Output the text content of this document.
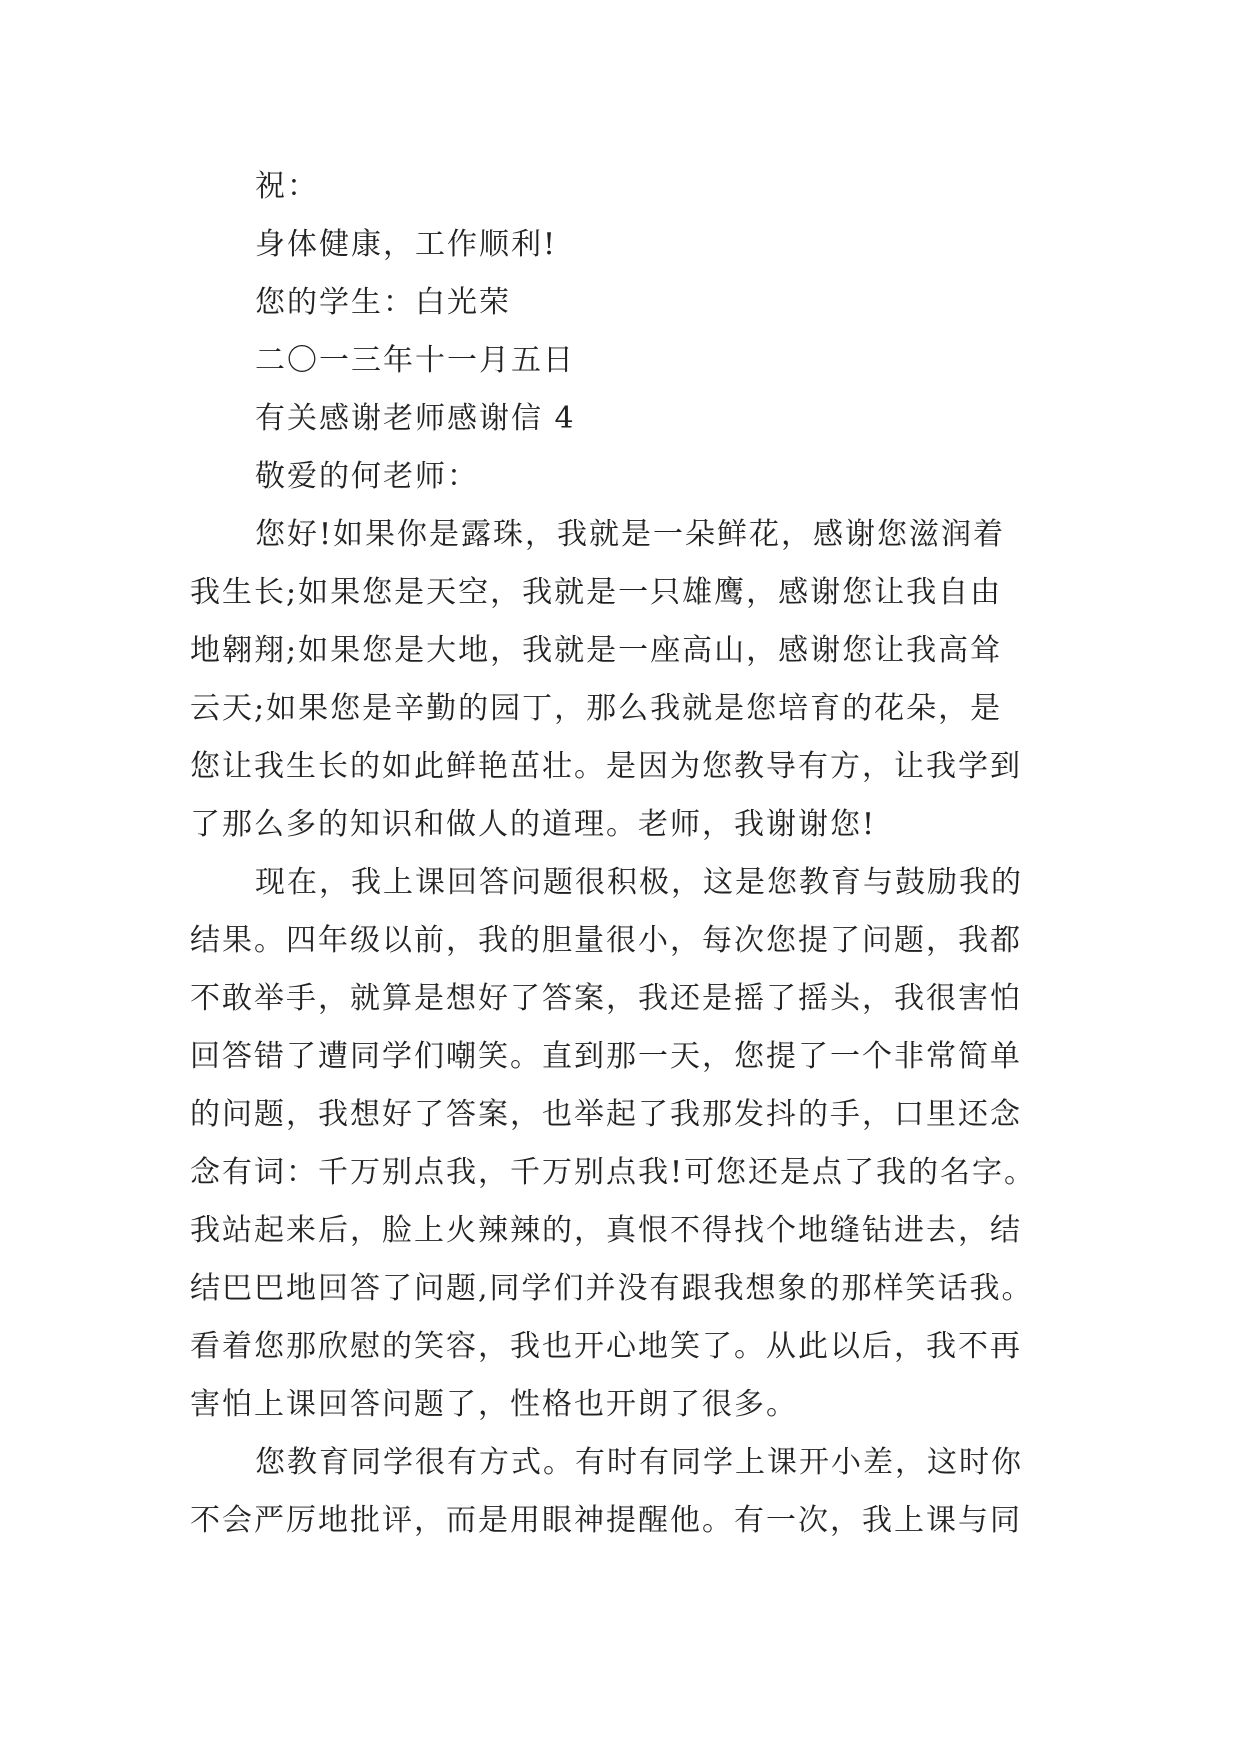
祝：

身体健康，工作顺利!

您的学生：白光荣

二〇一三年十一月五日

有关感谢老师感谢信 4

敬爱的何老师：

您好!如果你是露珠，我就是一朵鲜花，感谢您滋润着

我生长;如果您是天空，我就是一只雄鹰，感谢您让我自由

地翱翔;如果您是大地，我就是一座高山，感谢您让我高耸

云天;如果您是辛勤的园丁，那么我就是您培育的花朵，是

您让我生长的如此鲜艳茁壮。是因为您教导有方，让我学到

了那么多的知识和做人的道理。老师，我谢谢您!

现在，我上课回答问题很积极，这是您教育与鼓励我的

结果。四年级以前，我的胆量很小，每次您提了问题，我都

不敢举手，就算是想好了答案，我还是摇了摇头，我很害怕

回答错了遭同学们嘲笑。直到那一天，您提了一个非常简单

的问题，我想好了答案，也举起了我那发抖的手，口里还念

念有词：千万别点我，千万别点我!可您还是点了我的名字。

我站起来后，脸上火辣辣的，真恨不得找个地缝钻进去，结

结巴巴地回答了问题,同学们并没有跟我想象的那样笑话我。

看着您那欣慰的笑容，我也开心地笑了。从此以后，我不再

害怕上课回答问题了，性格也开朗了很多。

您教育同学很有方式。有时有同学上课开小差，这时你

不会严厉地批评，而是用眼神提醒他。有一次，我上课与同
